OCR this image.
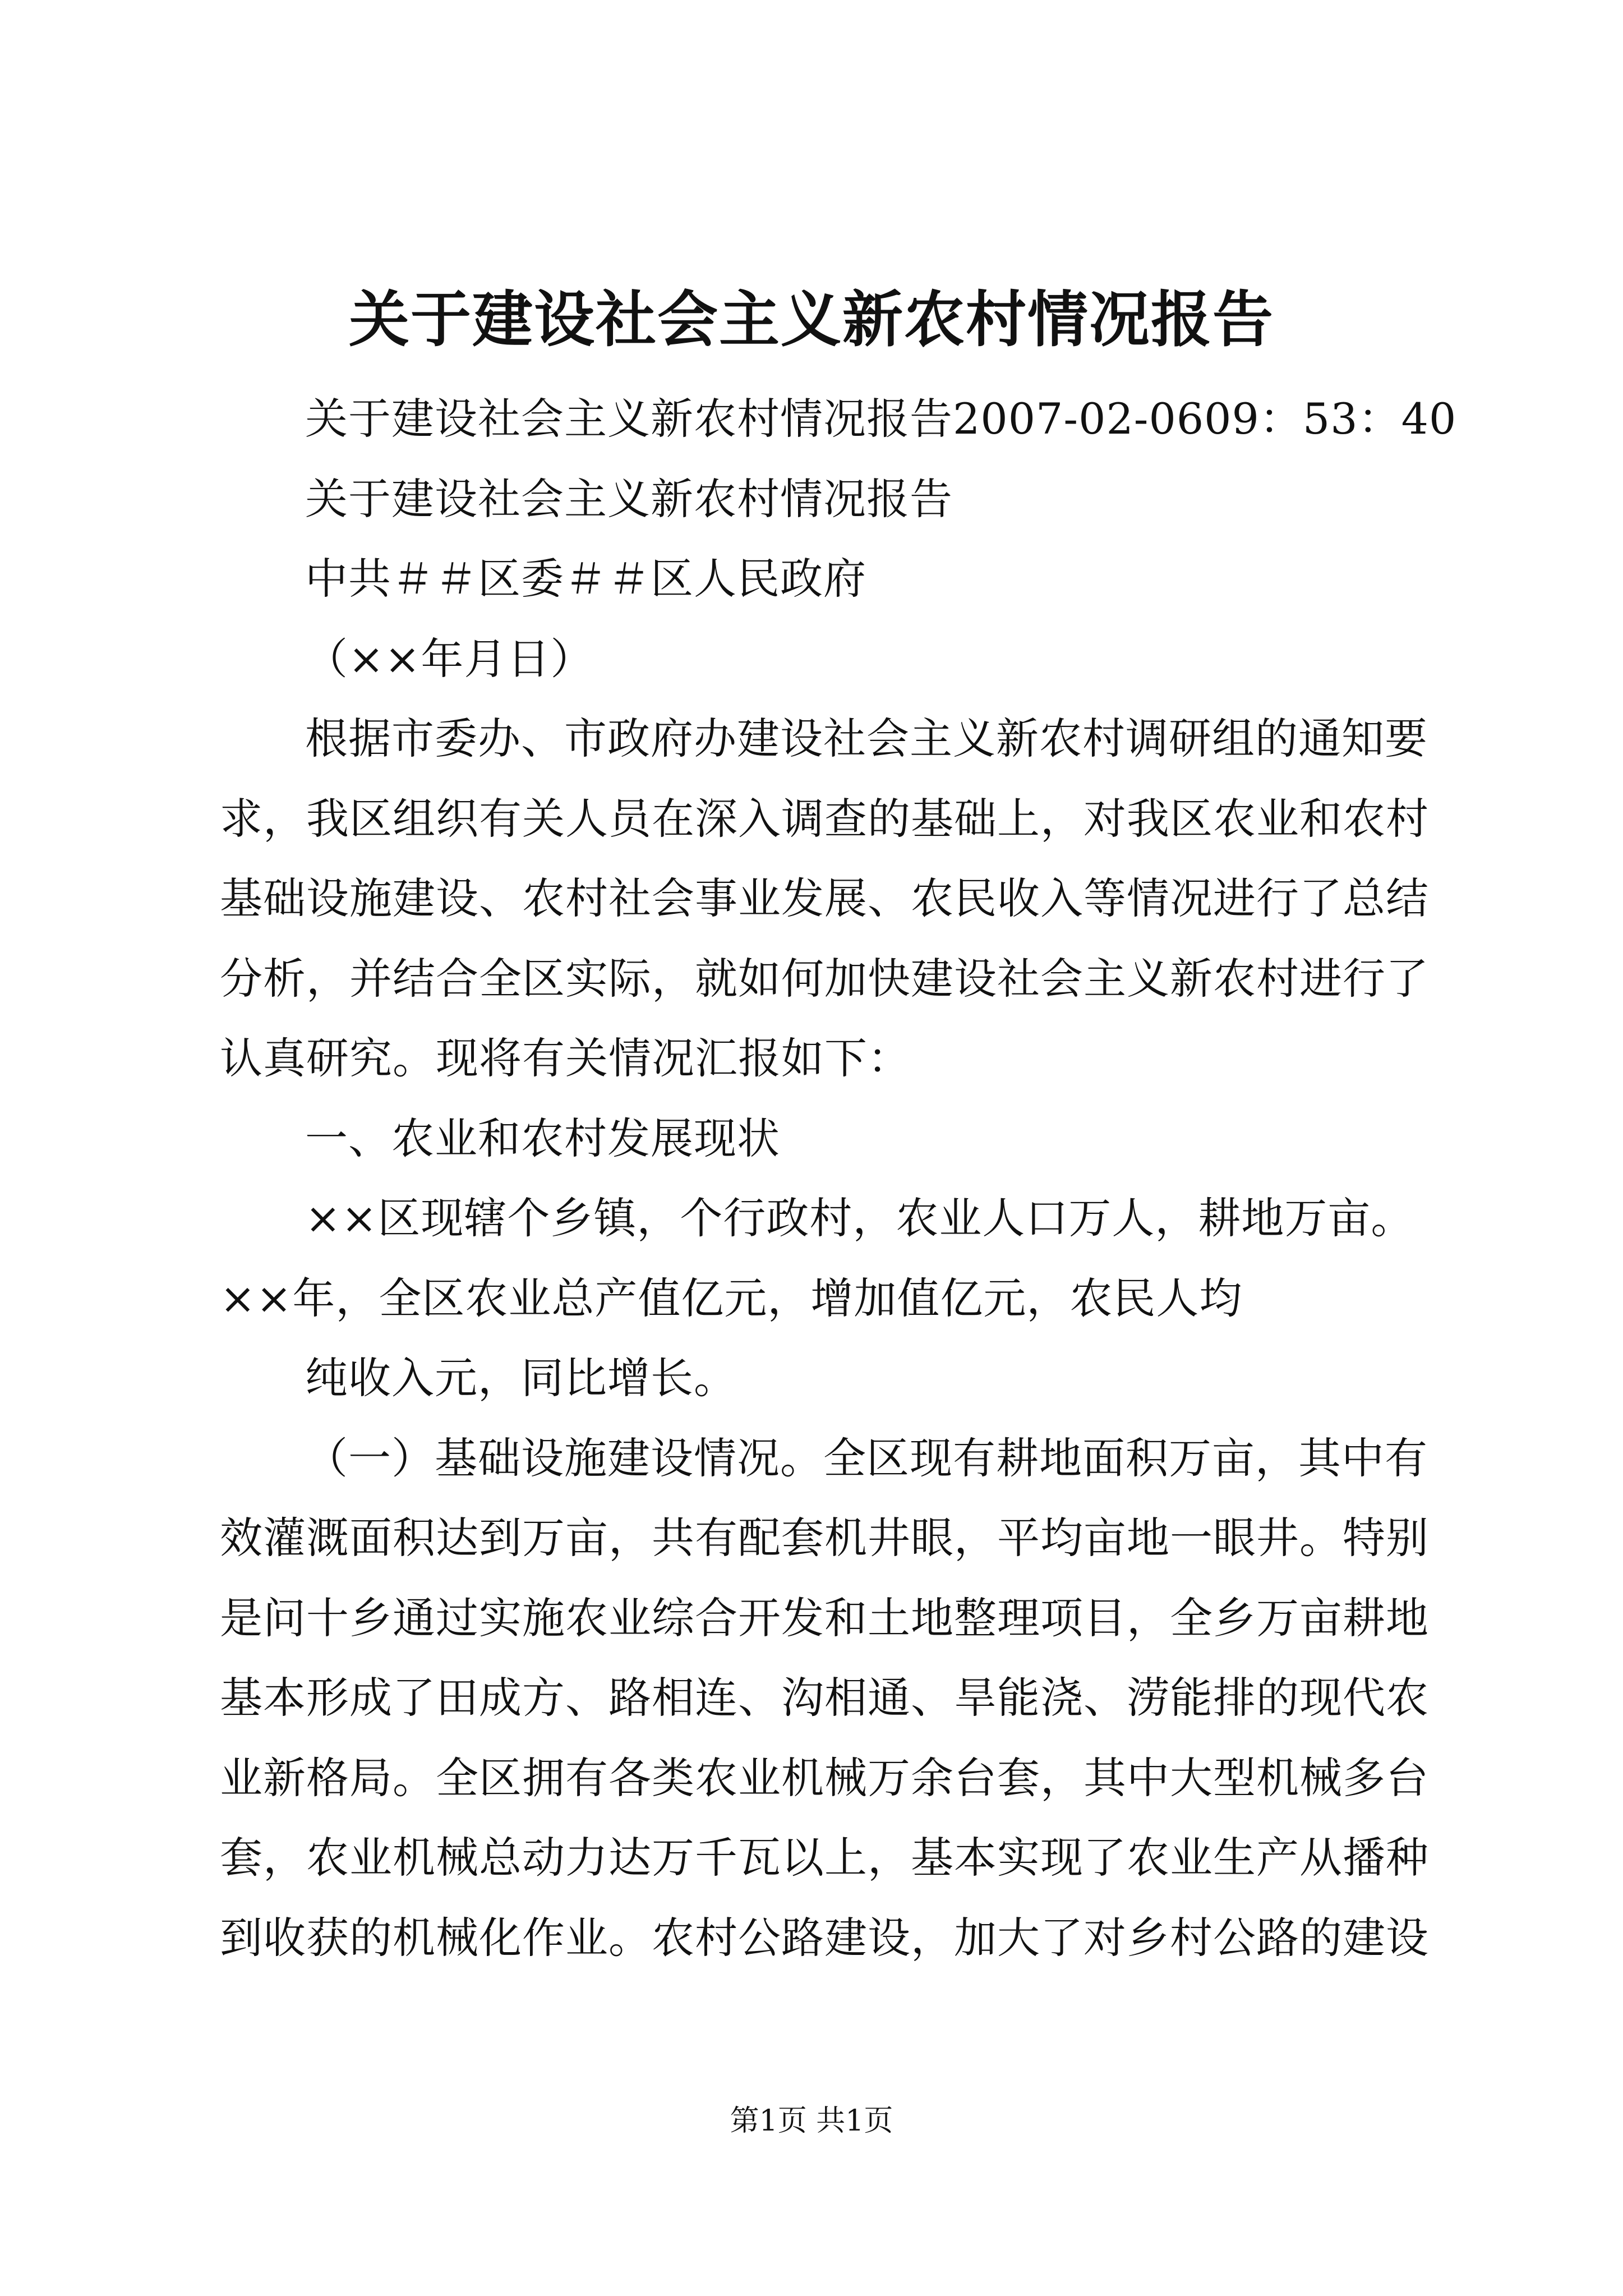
关于建设社会主义新农村情况报告
关于建设社会主义新农村情况报告2007-02-0609：53：40
关于建设社会主义新农村情况报告
中共＃＃区委＃＃区人民政府
（××年月日）
根据市委办、市政府办建设社会主义新农村调研组的通知要
求，我区组织有关人员在深入调查的基础上，对我区农业和农村
基础设施建设、农村社会事业发展、农民收入等情况进行了总结
分析，并结合全区实际，就如何加快建设社会主义新农村进行了
认真研究。现将有关情况汇报如下：
一、农业和农村发展现状
××区现辖个乡镇，个行政村，农业人口万人，耕地万亩。
××年，全区农业总产值亿元，增加值亿元，农民人均
纯收入元，同比增长。
（一）基础设施建设情况。全区现有耕地面积万亩，其中有
效灌溉面积达到万亩，共有配套机井眼，平均亩地一眼井。特别
是问十乡通过实施农业综合开发和土地整理项目，全乡万亩耕地
基本形成了田成方、路相连、沟相通、旱能浇、涝能排的现代农
业新格局。全区拥有各类农业机械万余台套，其中大型机械多台
套，农业机械总动力达万千瓦以上，基本实现了农业生产从播种
到收获的机械化作业。农村公路建设，加大了对乡村公路的建设
第1页 共1页
